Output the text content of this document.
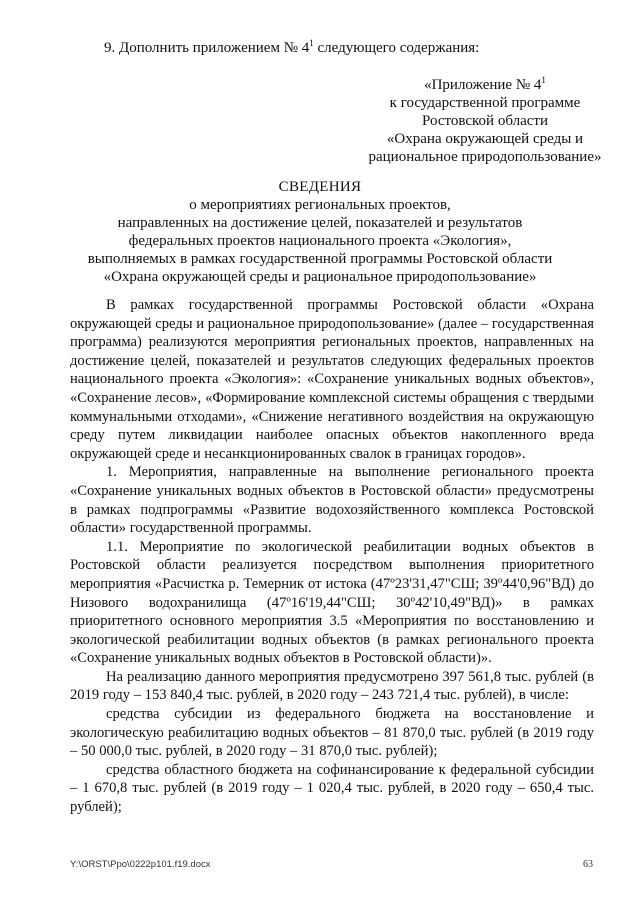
9. Дополнить приложением № $4^1$ следующего содержания:
«Приложение № $4^1$
к государственной программе
Ростовской области
«Охрана окружающей среды и
рациональное природопользование»
СВЕДЕНИЯ
о мероприятиях региональных проектов,
направленных на достижение целей, показателей и результатов
федеральных проектов национального проекта «Экология»,
выполняемых в рамках государственной программы Ростовской области
«Охрана окружающей среды и рациональное природопользование»

В рамках государственной программы Ростовской области «Охрана окружающей среды и рациональное природопользование» (далее – государственная программа) реализуются мероприятия региональных проектов, направленных на достижение целей, показателей и результатов следующих федеральных проектов национального проекта «Экология»: «Сохранение уникальных водных объектов», «Сохранение лесов», «Формирование комплексной системы обращения с твердыми коммунальными отходами», «Снижение негативного воздействия на окружающую среду путем ликвидации наиболее опасных объектов накопленного вреда окружающей среде и несанкционированных свалок в границах городов».

1. Мероприятия, направленные на выполнение регионального проекта «Сохранение уникальных водных объектов в Ростовской области» предусмотрены в рамках подпрограммы «Развитие водохозяйственного комплекса Ростовской области» государственной программы.

1.1. Мероприятие по экологической реабилитации водных объектов в Ростовской области реализуется посредством выполнения приоритетного мероприятия «Расчистка р. Темерник от истока (47º23'31,47"СШ; 39º44'0,96"ВД) до Низового водохранилища (47º16'19,44"СШ; 30º42'10,49"ВД)» в рамках приоритетного основного мероприятия 3.5 «Мероприятия по восстановлению и экологической реабилитации водных объектов (в рамках регионального проекта «Сохранение уникальных водных объектов в Ростовской области)».

На реализацию данного мероприятия предусмотрено 397 561,8 тыс. рублей (в 2019 году – 153 840,4 тыс. рублей, в 2020 году – 243 721,4 тыс. рублей), в числе:

средства субсидии из федерального бюджета на восстановление и экологическую реабилитацию водных объектов – 81 870,0 тыс. рублей (в 2019 году – 50 000,0 тыс. рублей, в 2020 году – 31 870,0 тыс. рублей);

средства областного бюджета на софинансирование к федеральной субсидии – 1 670,8 тыс. рублей (в 2019 году – 1 020,4 тыс. рублей, в 2020 году – 650,4 тыс. рублей);

Y:\ORST\Ppo\0222p101.f19.docx	63
